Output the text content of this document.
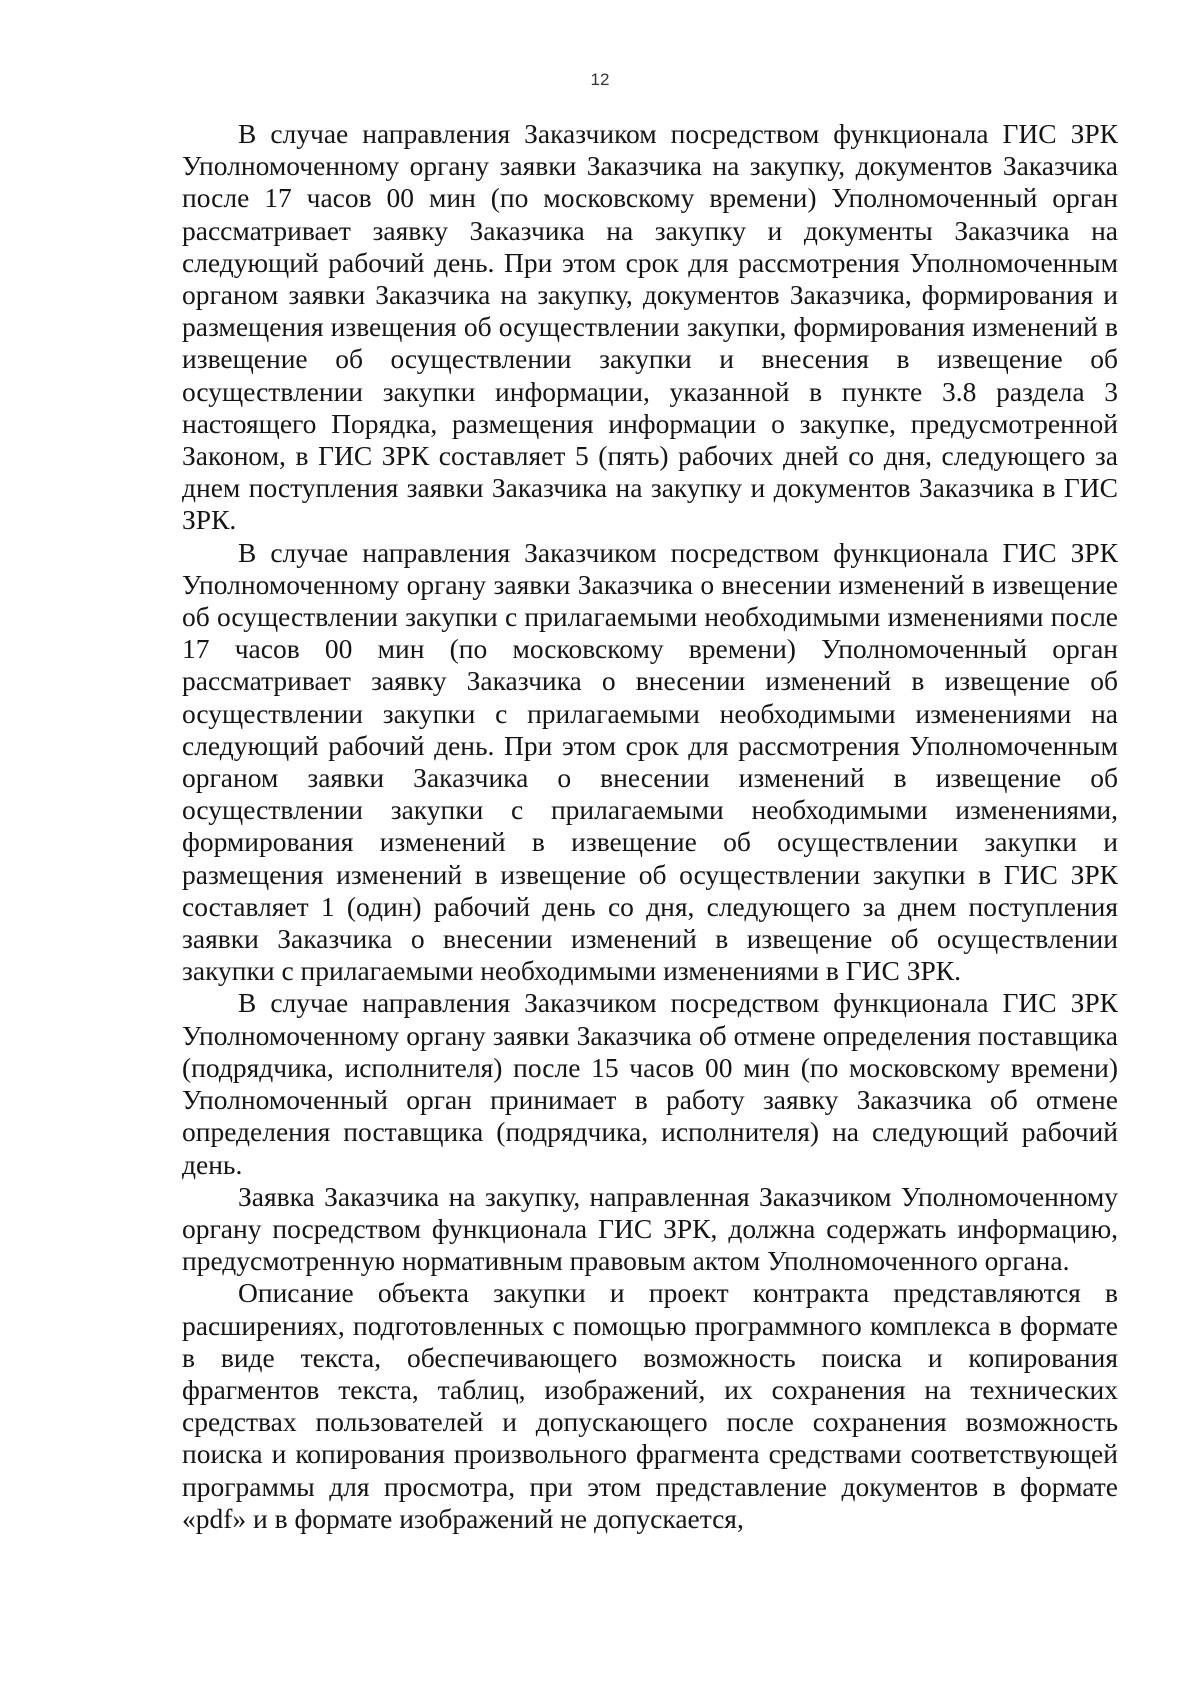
12

В случае направления Заказчиком посредством функционала ГИС ЗРК Уполномоченному органу заявки Заказчика на закупку, документов Заказчика после 17 часов 00 мин (по московскому времени) Уполномоченный орган рассматривает заявку Заказчика на закупку и документы Заказчика на следующий рабочий день. При этом срок для рассмотрения Уполномоченным органом заявки Заказчика на закупку, документов Заказчика, формирования и размещения извещения об осуществлении закупки, формирования изменений в извещение об осуществлении закупки и внесения в извещение об осуществлении закупки информации, указанной в пункте 3.8 раздела 3 настоящего Порядка, размещения информации о закупке, предусмотренной Законом, в ГИС ЗРК составляет 5 (пять) рабочих дней со дня, следующего за днем поступления заявки Заказчика на закупку и документов Заказчика в ГИС ЗРК.

В случае направления Заказчиком посредством функционала ГИС ЗРК Уполномоченному органу заявки Заказчика о внесении изменений в извещение об осуществлении закупки с прилагаемыми необходимыми изменениями после 17 часов 00 мин (по московскому времени) Уполномоченный орган рассматривает заявку Заказчика о внесении изменений в извещение об осуществлении закупки с прилагаемыми необходимыми изменениями на следующий рабочий день. При этом срок для рассмотрения Уполномоченным органом заявки Заказчика о внесении изменений в извещение об осуществлении закупки с прилагаемыми необходимыми изменениями, формирования изменений в извещение об осуществлении закупки и размещения изменений в извещение об осуществлении закупки в ГИС ЗРК составляет 1 (один) рабочий день со дня, следующего за днем поступления заявки Заказчика о внесении изменений в извещение об осуществлении закупки с прилагаемыми необходимыми изменениями в ГИС ЗРК.

В случае направления Заказчиком посредством функционала ГИС ЗРК Уполномоченному органу заявки Заказчика об отмене определения поставщика (подрядчика, исполнителя) после 15 часов 00 мин (по московскому времени) Уполномоченный орган принимает в работу заявку Заказчика об отмене определения поставщика (подрядчика, исполнителя) на следующий рабочий день.

Заявка Заказчика на закупку, направленная Заказчиком Уполномоченному органу посредством функционала ГИС ЗРК, должна содержать информацию, предусмотренную нормативным правовым актом Уполномоченного органа.

Описание объекта закупки и проект контракта представляются в расширениях, подготовленных с помощью программного комплекса в формате в виде текста, обеспечивающего возможность поиска и копирования фрагментов текста, таблиц, изображений, их сохранения на технических средствах пользователей и допускающего после сохранения возможность поиска и копирования произвольного фрагмента средствами соответствующей программы для просмотра, при этом представление документов в формате «pdf» и в формате изображений не допускается,
